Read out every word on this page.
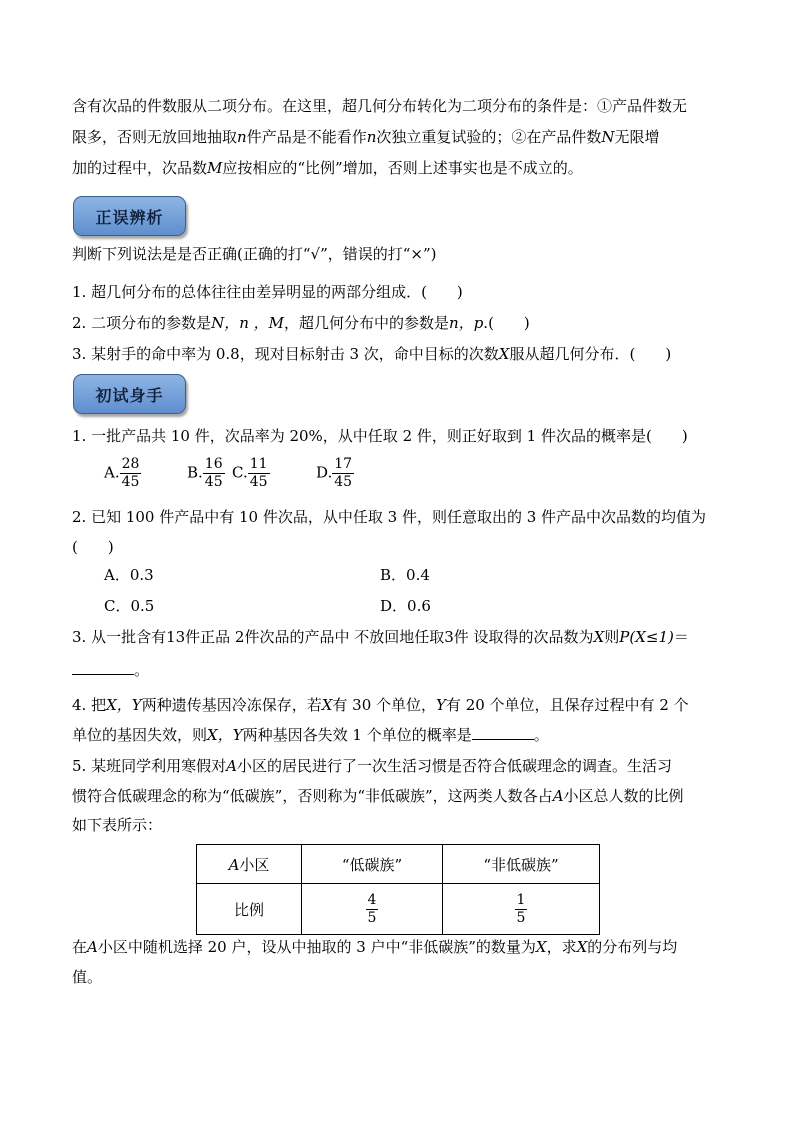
含有次品的件数服从二项分布。在这里，超几何分布转化为二项分布的条件是：①产品件数无
限多，否则无放回地抽取n件产品是不能看作n次独立重复试验的；②在产品件数N无限增
加的过程中，次品数M应按相应的“比例”增加，否则上述事实也是不成立的。
正误辨析
判断下列说法是是否正确(正确的打“√”，错误的打“×”)
1. 超几何分布的总体往往由差异明显的两部分组成．(　　)
2. 二项分布的参数是N，n ，M，超几何分布中的参数是n，p.(　　)
3. 某射手的命中率为 0.8，现对目标射击 3 次，命中目标的次数X服从超几何分布．(　　)
初试身手
1. 一批产品共 10 件，次品率为 20%，从中任取 2 件，则正好取到 1 件次品的概率是(　　)
A. $\frac{28}{45}$	B. $\frac{16}{45} C$. $\frac{11}{45}$	D. $\frac{17}{45}$
2. 已知 100 件产品中有 10 件次品，从中任取 3 件，则任意取出的 3 件产品中次品数的均值为
(　　)
A．0.3	B．0.4
C．0.5	D．0.6
3. 从一批含有13件正品 2件次品的产品中 不放回地任取3件 设取得的次品数为X则P(X≤1)＝
。
4. 把X，Y两种遗传基因冷冻保存，若X有 30 个单位，Y有 20 个单位，且保存过程中有 2 个
单位的基因失效，则X，Y两种基因各失效 1 个单位的概率是	。
5. 某班同学利用寒假对A小区的居民进行了一次生活习惯是否符合低碳理念的调查。生活习
惯符合低碳理念的称为“低碳族”，否则称为“非低碳族”，这两类人数各占A小区总人数的比例
如下表所示：
A小区	“低碳族”	“非低碳族”
比例	$\frac{4}{5}$	$\frac{1}{5}$
在A小区中随机选择 20 户，设从中抽取的 3 户中“非低碳族”的数量为X，求X的分布列与均
值。
